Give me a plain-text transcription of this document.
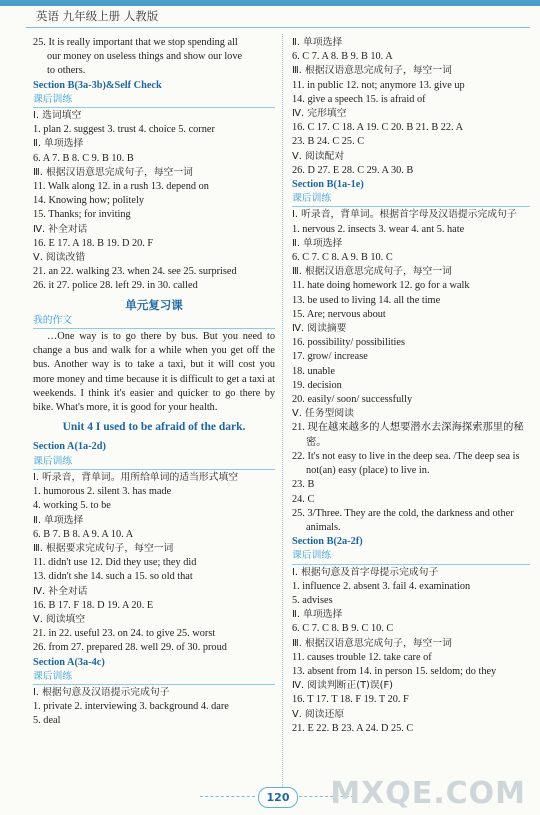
英语 九年级上册 人教版
25. It is really important that we stop spending all
our money on useless things and show our love
to others.
Section B(3a-3b)&Self Check
课后训练
Ⅰ. 选词填空
1. plan 2. suggest 3. trust 4. choice 5. corner
Ⅱ. 单项选择
6. A 7. B 8. C 9. B 10. B
Ⅲ. 根据汉语意思完成句子，每空一词
11. Walk along 12. in a rush 13. depend on
14. Knowing how; politely
15. Thanks; for inviting
Ⅳ. 补全对话
16. E 17. A 18. B 19. D 20. F
Ⅴ. 阅读改错
21. an 22. walking 23. when 24. see 25. surprised
26. it 27. police 28. left 29. in 30. called
单元复习课
我的作文
…One way is to go there by bus. But you need to change a bus and walk for a while when you get off the bus. Another way is to take a taxi, but it will cost you more money and time because it is difficult to get a taxi at weekends. I think it's easier and quicker to go there by bike. What's more, it is good for your health.
Unit 4 I used to be afraid of the dark.
Section A(1a-2d)
课后训练
Ⅰ. 听录音，背单词。用所给单词的适当形式填空
1. humorous 2. silent 3. has made
4. working 5. to be
Ⅱ. 单项选择
6. B 7. B 8. A 9. A 10. A
Ⅲ. 根据要求完成句子，每空一词
11. didn't use 12. Did they use; they did
13. didn't she 14. such a 15. so old that
Ⅳ. 补全对话
16. B 17. F 18. D 19. A 20. E
Ⅴ. 阅读填空
21. in 22. useful 23. on 24. to give 25. worst
26. from 27. prepared 28. well 29. of 30. proud
Section A(3a-4c)
课后训练
Ⅰ. 根据句意及汉语提示完成句子
1. private 2. interviewing 3. background 4. dare
5. deal
Ⅱ. 单项选择
6. C 7. A 8. B 9. B 10. A
Ⅲ. 根据汉语意思完成句子，每空一词
11. in public 12. not; anymore 13. give up
14. give a speech 15. is afraid of
Ⅳ. 完形填空
16. C 17. C 18. A 19. C 20. B 21. B 22. A
23. B 24. C 25. C
Ⅴ. 阅读配对
26. D 27. E 28. C 29. A 30. B
Section B(1a-1e)
课后训练
Ⅰ. 听录音，背单词。根据首字母及汉语提示完成句子
1. nervous 2. insects 3. wear 4. ant 5. hate
Ⅱ. 单项选择
6. C 7. C 8. A 9. B 10. C
Ⅲ. 根据汉语意思完成句子，每空一词
11. hate doing homework 12. go for a walk
13. be used to living 14. all the time
15. Are; nervous about
Ⅳ. 阅读摘要
16. possibility/ possibilities
17. grow/ increase
18. unable
19. decision
20. easily/ soon/ successfully
Ⅴ. 任务型阅读
21. 现在越来越多的人想要潜水去深海探索那里的秘密。
22. It's not easy to live in the deep sea. /The deep sea is not(an) easy (place) to live in.
23. B
24. C
25. 3/Three. They are the cold, the darkness and other animals.
Section B(2a-2f)
课后训练
Ⅰ. 根据句意及首字母提示完成句子
1. influence 2. absent 3. fail 4. examination
5. advises
Ⅱ. 单项选择
6. C 7. C 8. B 9. C 10. C
Ⅲ. 根据汉语意思完成句子，每空一词
11. causes trouble 12. take care of
13. absent from 14. in person 15. seldom; do they
Ⅳ. 阅读判断正(T)误(F)
16. T 17. T 18. F 19. T 20. F
Ⅴ. 阅读还原
21. E 22. B 23. A 24. D 25. C
120 MXQE.COM
